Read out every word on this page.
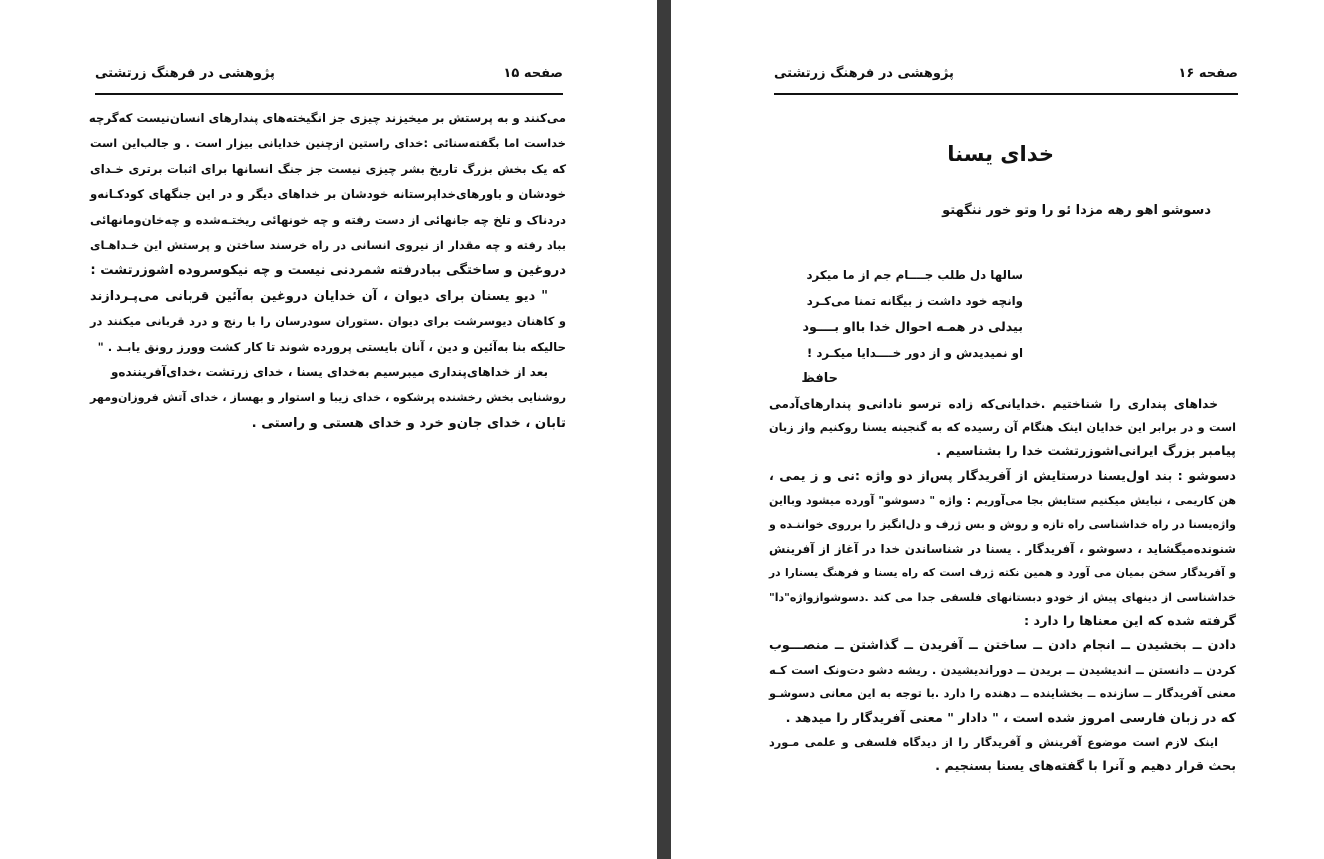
صفحه ۱۵
پژوهشی در فرهنگ زرتشتی
می‌کنند و به پرستش بر میخیزند چیزی جز انگیخته‌های پندارهای انسان‌نیست که‌گرچه
خداست اما بگفته‌سنائی :خدای راستین ازچنین خدایانی بیزار است . و جالب‌این است
که یک بخش بزرگ تاریخ بشر چیزی نیست جز جنگ انسانها برای اثبات برتری خـدای
خودشان و باورهای‌خداپرستانه خودشان بر خداهای دیگر و در این جنگهای کودکـانه‌و
دردناک و تلخ چه جانهائی از دست رفته و چه خونهائی ریختـه‌شده و چه‌خان‌ومانهائی
بباد رفته و چه مقدار از نیروی انسانی در راه خرسند ساختن و پرستش این خـداهـای
دروغین و ساختگی بباد‌رفته شمردنی نیست و چه نیکوسروده اشوزرتشت :
" دیو یسنان برای دیوان ، آن خدایان دروغین به‌آئین قربانی می‌پـردازند
و کاهنان دیوسرشت برای دیوان .ستوران سودرسان را با رنج و درد قربانی میکنند در
حالیکه بنا به‌آئین و دین ، آنان بایستی پرورده شوند تا کار کشت وورز رونق یابـد . "
بعد از خداهای‌پنداری میبرسیم به‌خدای یسنا ، خدای زرتشت ،خدای‌آفریننده‌و
روشنایی بخش رخشنده پرشکوه ، خدای زیبا و استوار و بهساز ، خدای آتش فروزان‌ومهر
تابان ، خدای جان‌و خرد و خدای هستی و راستی .
صفحه ۱۶
پژوهشی در فرهنگ زرتشتی
خدای یسنا
دسوشو اهو رهه مزدا ئو را وتو خور ننگهتو
سالها دل طلب جــــام جم از ما میکرد
وانچه خود داشت ز بیگانه تمنا می‌کـرد
بیدلی در همـه احوال خدا بااو بــــود
او نمیدیدش و از دور خــــدایا میکـرد !
حافظ
خداهای پنداری را شناختیم .خدایانی‌که زاده ترسو نادانی‌و پندارهای‌آدمی
است و در برابر این خدایان اینک هنگام آن رسیده که به گنجینه یسنا روکنیم واز زبان
پیامبر بزرگ ایرانی‌اشوزرتشت خدا را بشناسیم .
دسوشو : بند اول‌یسنا درستایش از آفریدگار پس‌از دو واژه :نی و ز یمی ،
هن کاریمی ، نیایش میکنیم ستایش بجا می‌آوریم : واژه " دسوشو" آورده میشود وبااین
واژه‌یسنا در راه خداشناسی راه تازه و روش و بس ژرف و دل‌انگیز را برروی خواننـده و
شنونده‌میگشاید ، دسوشو ، آفریدگار . یسنا در شناساندن خدا در آغاز از آفرینش
و آفریدگار سخن بمیان می آورد و همین نکته ژرف است که راه یسنا و فرهنگ یسنارا در
خداشناسی از دینهای پیش از خودو دبستانهای فلسفی جدا می کند .دسوشوازواژه"دا"
گرفته شده که این معناها را دارد :
دادن ــ بخشیدن ــ انجام دادن ــ ساختن ــ آفریدن ــ گذاشتن ــ منصـــوب
کردن ــ دانستن ــ اندیشیدن ــ بریدن ــ دوراندیشیدن . ریشه دشو دت‌ونک است کـه
معنی آفریدگار ــ سازنده ــ بخشاینده ــ دهنده را دارد .با توجه به این معانی دسوشـو
که در زبان فارسی امروز شده است ، " دادار " معنی آفریدگار را میدهد .
اینک لازم است موضوع آفرینش و آفریدگار را از دیدگاه فلسفی و علمی مـورد
بحث قرار دهیم و آنرا با گفته‌های یسنا بسنجیم .
